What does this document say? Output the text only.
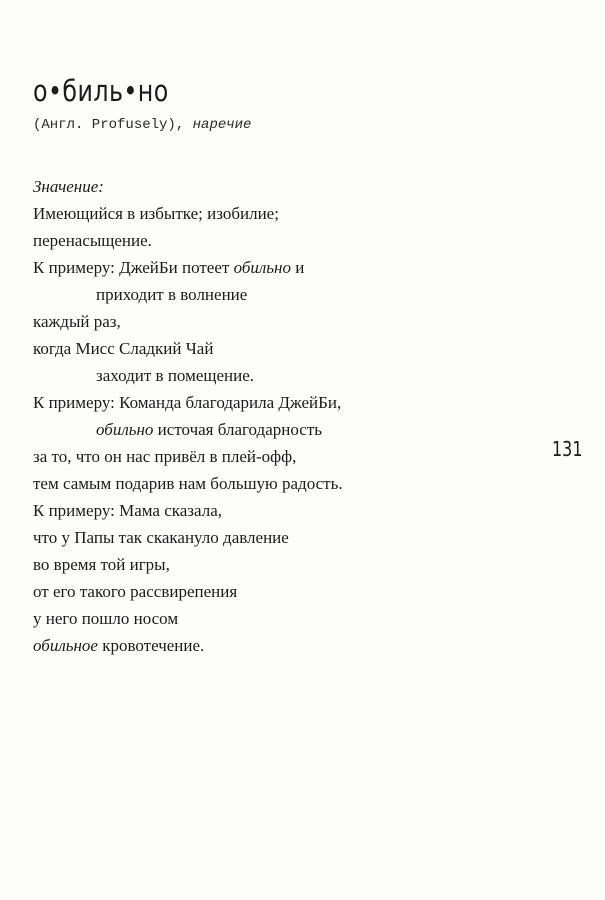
о•биль•но
(Англ. Profusely), наречие
Значение:
Имеющийся в избытке; изобилие;
перенасыщение.
К примеру: ДжейБи потеет обильно и
приходит в волнение
каждый раз,
когда Мисс Сладкий Чай
заходит в помещение.
К примеру: Команда благодарила ДжейБи,
обильно источая благодарность
за то, что он нас привёл в плей-офф,
тем самым подарив нам большую радость.
К примеру: Мама сказала,
что у Папы так скакануло давление
во время той игры,
от его такого рассвирепения
у него пошло носом
обильное кровотечение.
131
